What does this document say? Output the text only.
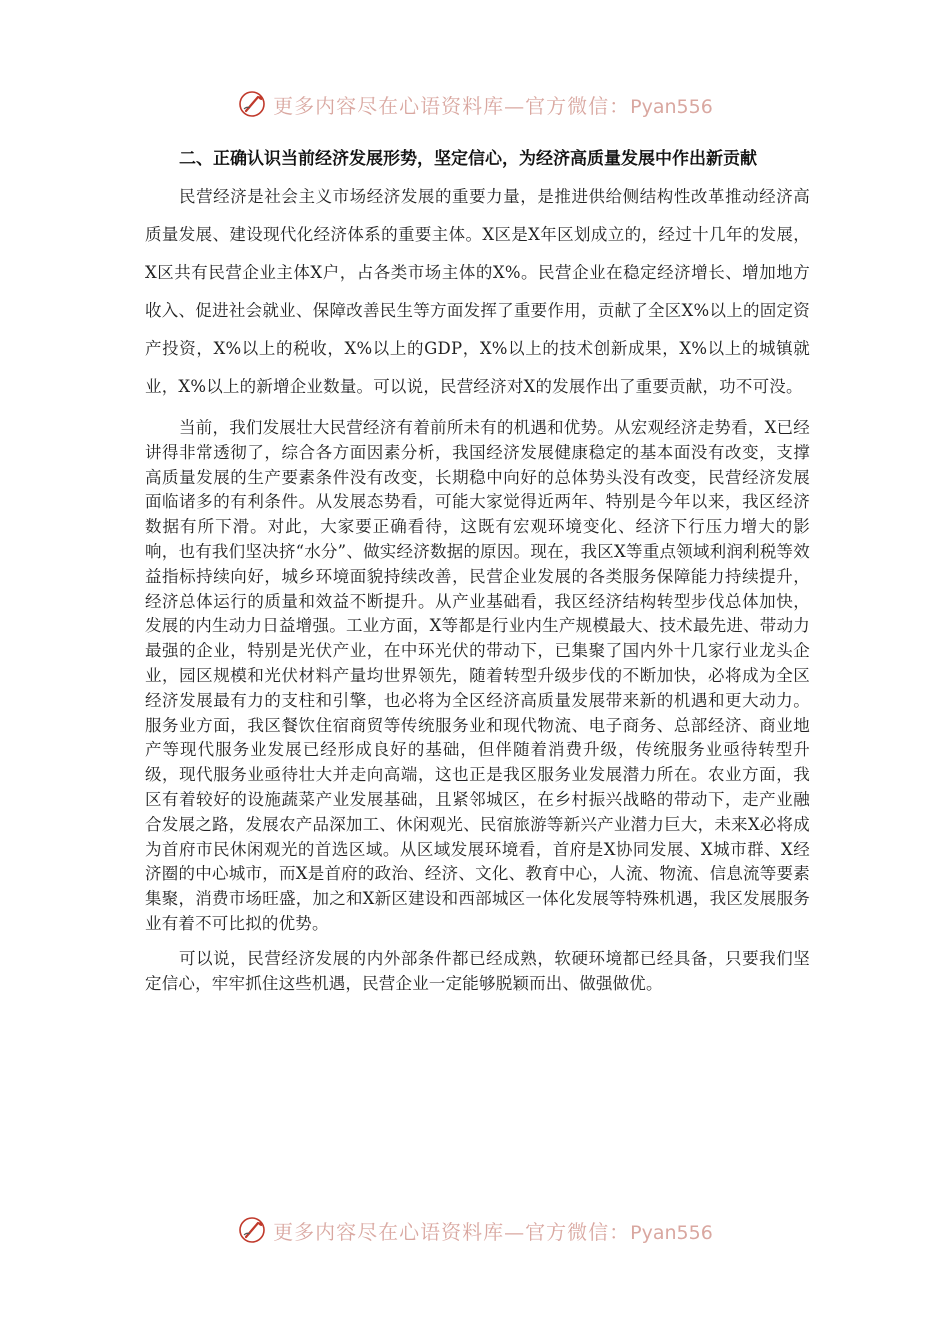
更多内容尽在心语资料库—官方微信：Pyan556
二、正确认识当前经济发展形势，坚定信心，为经济高质量发展中作出新贡献

民营经济是社会主义市场经济发展的重要力量，是推进供给侧结构性改革推动经济高质量发展、建设现代化经济体系的重要主体。X区是X年区划成立的，经过十几年的发展，X区共有民营企业主体X户，占各类市场主体的X%。民营企业在稳定经济增长、增加地方收入、促进社会就业、保障改善民生等方面发挥了重要作用，贡献了全区X%以上的固定资产投资，X%以上的税收，X%以上的GDP，X%以上的技术创新成果，X%以上的城镇就业，X%以上的新增企业数量。可以说，民营经济对X的发展作出了重要贡献，功不可没。

当前，我们发展壮大民营经济有着前所未有的机遇和优势。从宏观经济走势看，X已经讲得非常透彻了，综合各方面因素分析，我国经济发展健康稳定的基本面没有改变，支撑高质量发展的生产要素条件没有改变，长期稳中向好的总体势头没有改变，民营经济发展面临诸多的有利条件。从发展态势看，可能大家觉得近两年、特别是今年以来，我区经济数据有所下滑。对此，大家要正确看待，这既有宏观环境变化、经济下行压力增大的影响，也有我们坚决挤“水分”、做实经济数据的原因。现在，我区X等重点领域利润利税等效益指标持续向好，城乡环境面貌持续改善，民营企业发展的各类服务保障能力持续提升，经济总体运行的质量和效益不断提升。从产业基础看，我区经济结构转型步伐总体加快，发展的内生动力日益增强。工业方面，X等都是行业内生产规模最大、技术最先进、带动力最强的企业，特别是光伏产业，在中环光伏的带动下，已集聚了国内外十几家行业龙头企业，园区规模和光伏材料产量均世界领先，随着转型升级步伐的不断加快，必将成为全区经济发展最有力的支柱和引擎，也必将为全区经济高质量发展带来新的机遇和更大动力。服务业方面，我区餐饮住宿商贸等传统服务业和现代物流、电子商务、总部经济、商业地产等现代服务业发展已经形成良好的基础，但伴随着消费升级，传统服务业亟待转型升级，现代服务业亟待壮大并走向高端，这也正是我区服务业发展潜力所在。农业方面，我区有着较好的设施蔬菜产业发展基础，且紧邻城区，在乡村振兴战略的带动下，走产业融合发展之路，发展农产品深加工、休闲观光、民宿旅游等新兴产业潜力巨大，未来X必将成为首府市民休闲观光的首选区域。从区域发展环境看，首府是X协同发展、X城市群、X经济圈的中心城市，而X是首府的政治、经济、文化、教育中心，人流、物流、信息流等要素集聚，消费市场旺盛，加之和X新区建设和西部城区一体化发展等特殊机遇，我区发展服务业有着不可比拟的优势。

可以说，民营经济发展的内外部条件都已经成熟，软硬环境都已经具备，只要我们坚定信心，牢牢抓住这些机遇，民营企业一定能够脱颖而出、做强做优。

更多内容尽在心语资料库—官方微信：Pyan556
